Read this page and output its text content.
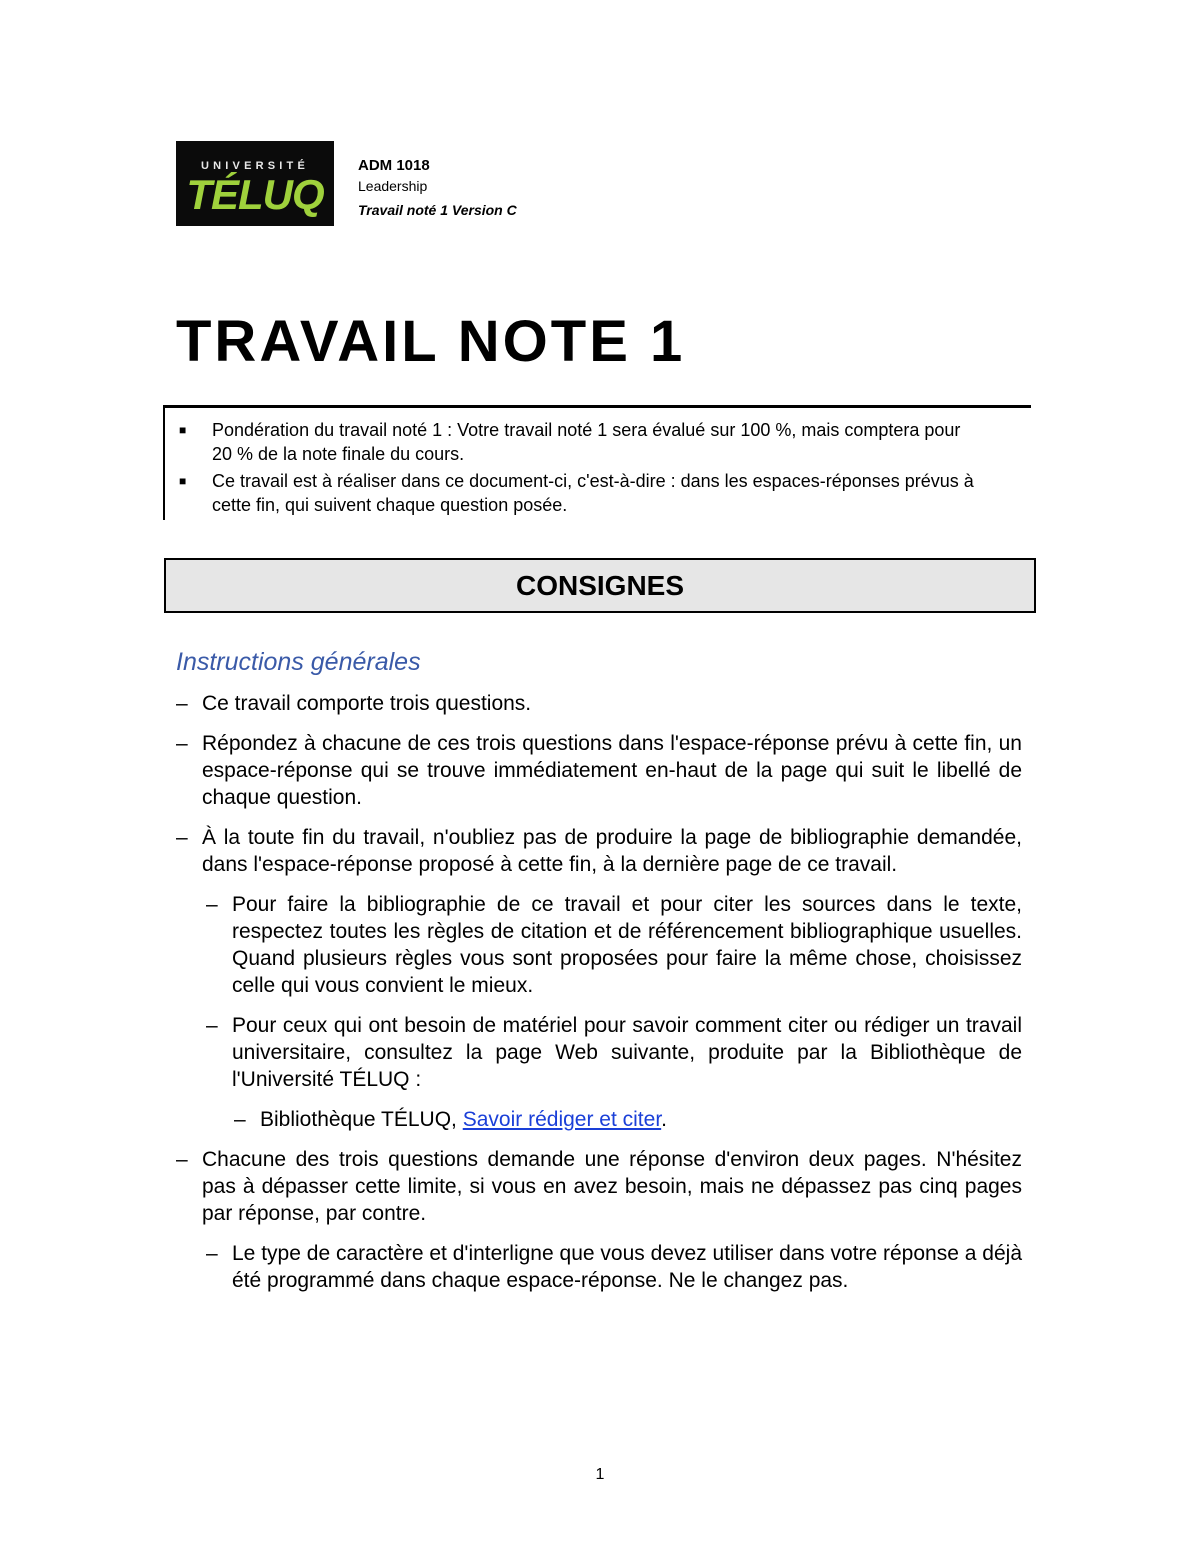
UNIVERSITÉ
TÉLUQ
ADM 1018
Leadership
Travail noté 1 Version C
TRAVAIL NOTE 1
■ Pondération du travail noté 1 : Votre travail noté 1 sera évalué sur 100 %, mais comptera pour 20 % de la note finale du cours.
■ Ce travail est à réaliser dans ce document-ci, c'est-à-dire : dans les espaces-réponses prévus à cette fin, qui suivent chaque question posée.
CONSIGNES
Instructions générales
– Ce travail comporte trois questions.
– Répondez à chacune de ces trois questions dans l'espace-réponse prévu à cette fin, un espace-réponse qui se trouve immédiatement en-haut de la page qui suit le libellé de chaque question.
– À la toute fin du travail, n'oubliez pas de produire la page de bibliographie demandée, dans l'espace-réponse proposé à cette fin, à la dernière page de ce travail.
– Pour faire la bibliographie de ce travail et pour citer les sources dans le texte, respectez toutes les règles de citation et de référencement bibliographique usuelles. Quand plusieurs règles vous sont proposées pour faire la même chose, choisissez celle qui vous convient le mieux.
– Pour ceux qui ont besoin de matériel pour savoir comment citer ou rédiger un travail universitaire, consultez la page Web suivante, produite par la Bibliothèque de l'Université TÉLUQ :
– Bibliothèque TÉLUQ, Savoir rédiger et citer.
– Chacune des trois questions demande une réponse d'environ deux pages. N'hésitez pas à dépasser cette limite, si vous en avez besoin, mais ne dépassez pas cinq pages par réponse, par contre.
– Le type de caractère et d'interligne que vous devez utiliser dans votre réponse a déjà été programmé dans chaque espace-réponse. Ne le changez pas.
1
